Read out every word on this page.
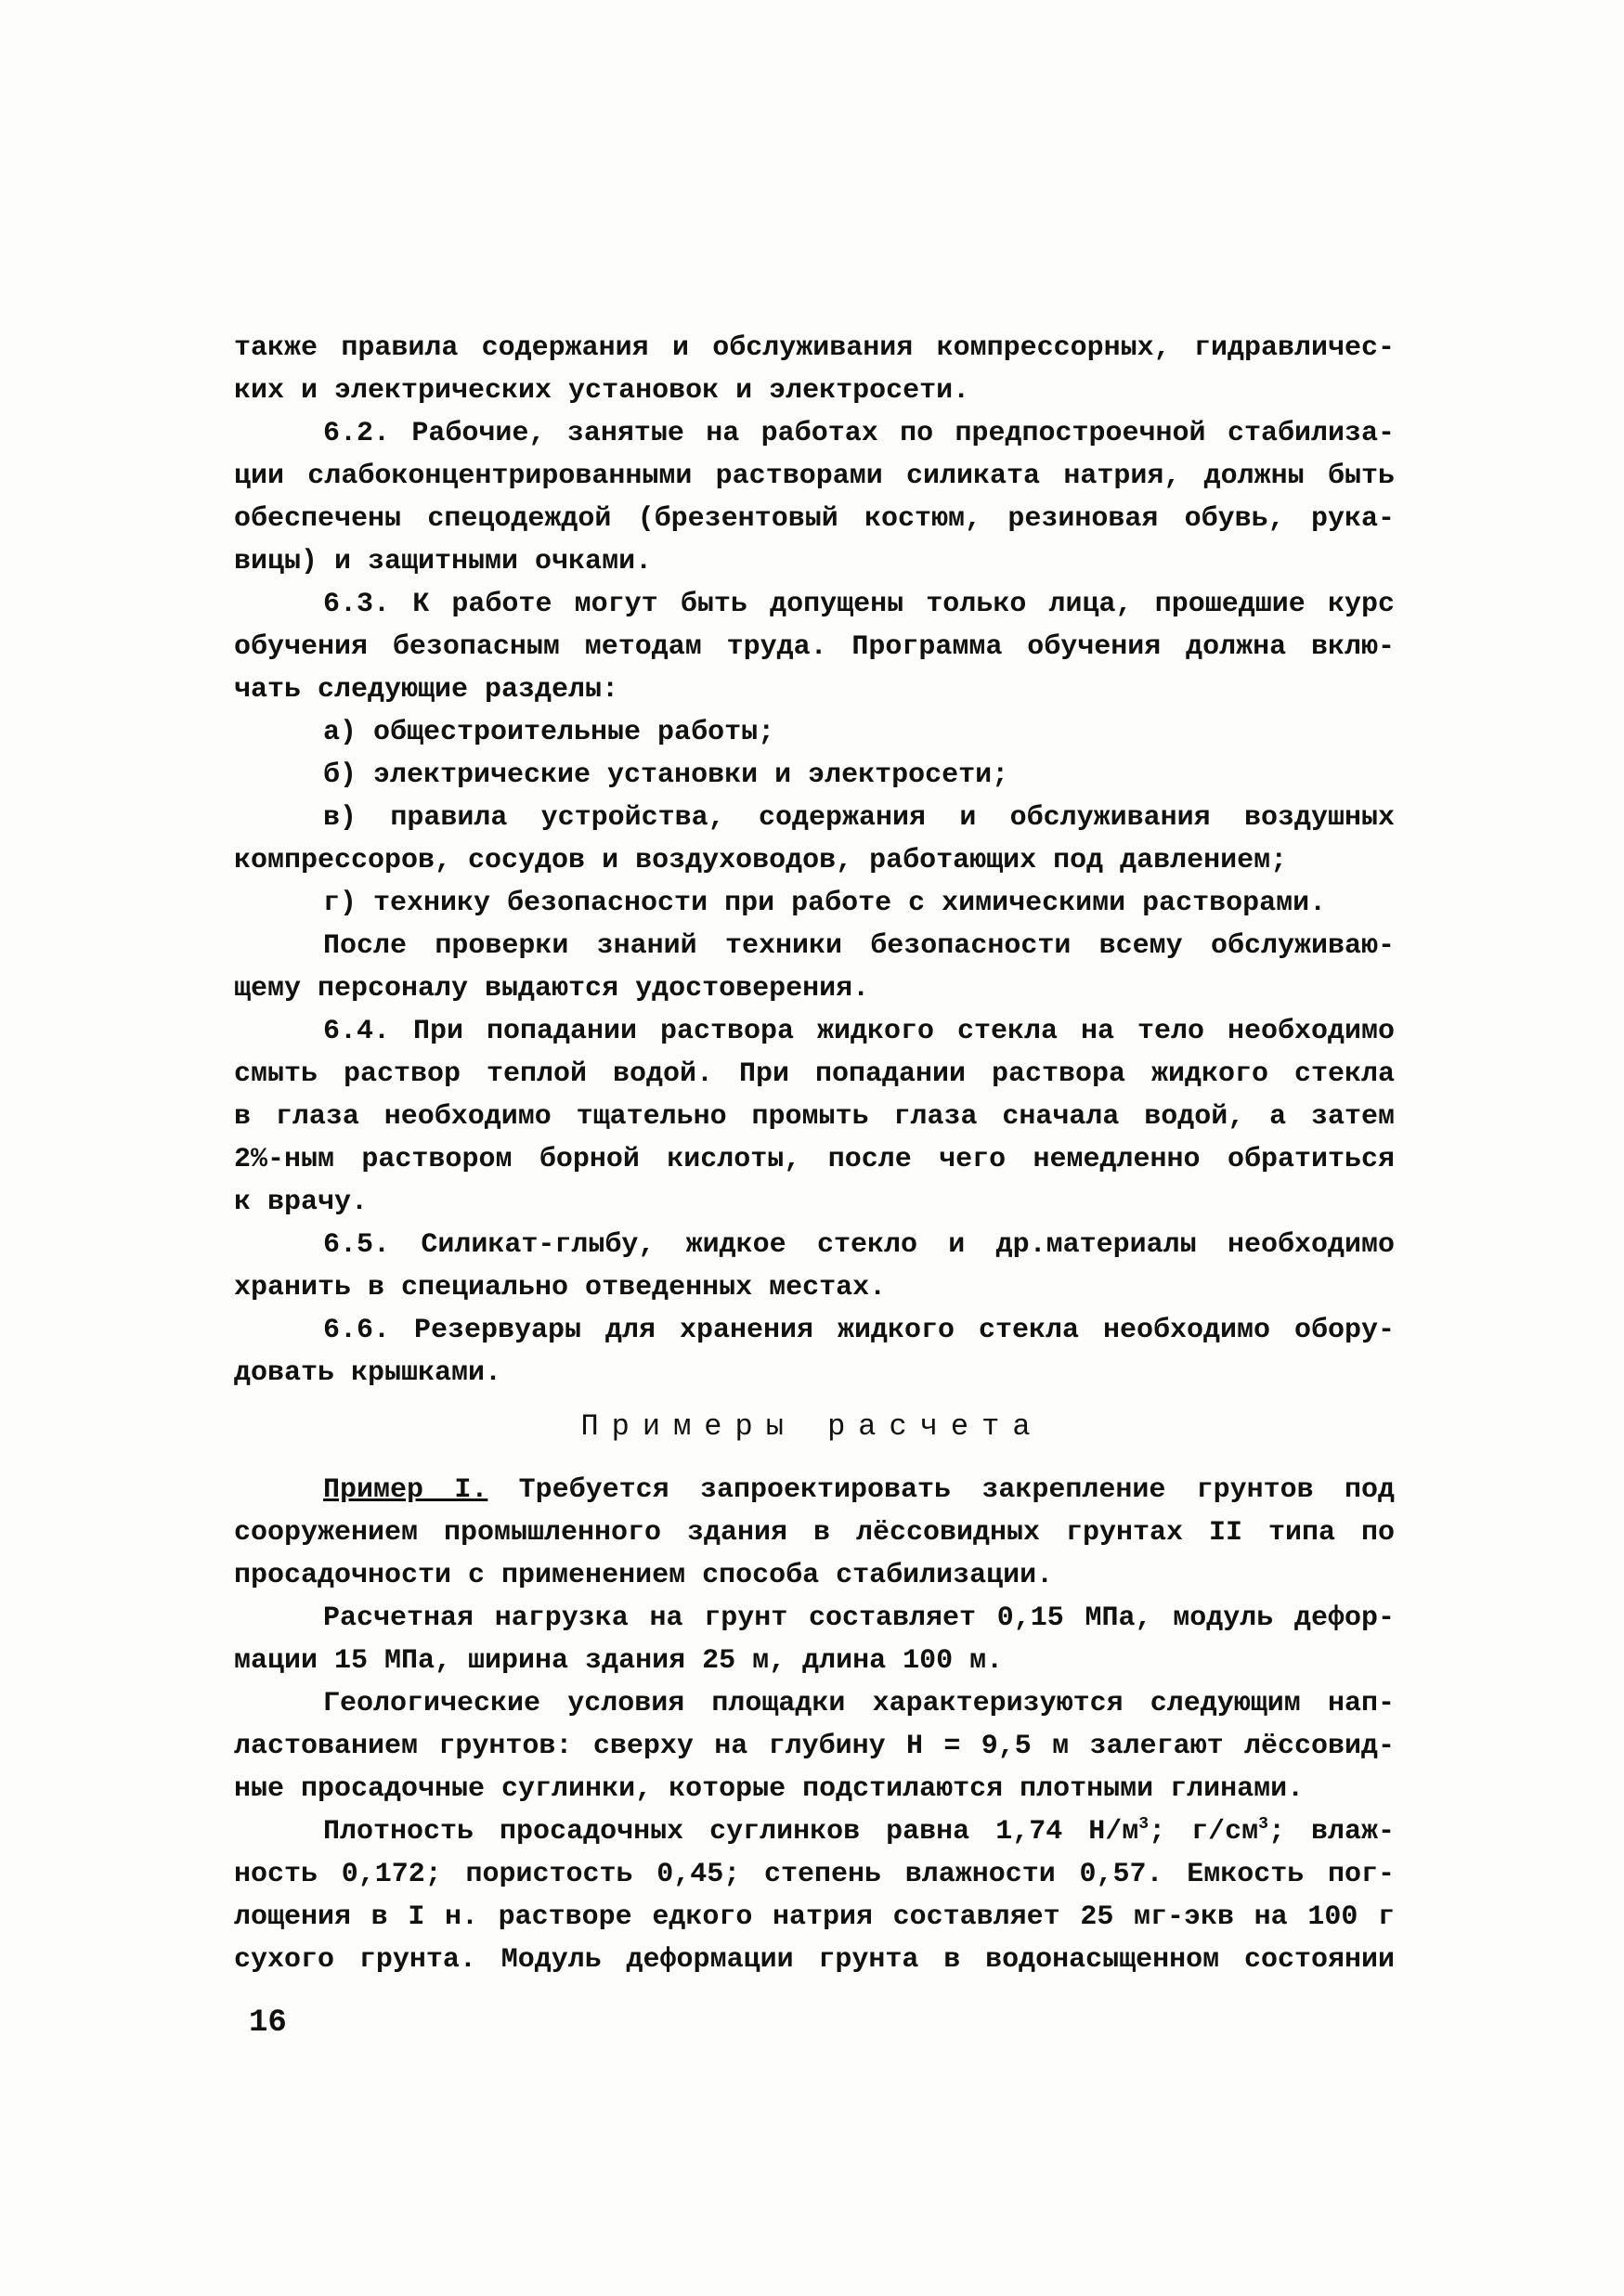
также правила содержания и обслуживания компрессорных, гидравличес-
ких и электрических установок и электросети.
6.2. Рабочие, занятые на работах по предпостроечной стабилиза-
ции слабоконцентрированными растворами силиката натрия, должны быть
обеспечены спецодеждой (брезентовый костюм, резиновая обувь, рука-
вицы) и защитными очками.
6.3. К работе могут быть допущены только лица, прошедшие курс
обучения безопасным методам труда. Программа обучения должна вклю-
чать следующие разделы:
а) общестроительные работы;
б) электрические установки и электросети;
в) правила устройства, содержания и обслуживания воздушных
компрессоров, сосудов и воздуховодов, работающих под давлением;
г) технику безопасности при работе с химическими растворами.
После проверки знаний техники безопасности всему обслуживаю-
щему персоналу выдаются удостоверения.
6.4. При попадании раствора жидкого стекла на тело необходимо
смыть раствор теплой водой. При попадании раствора жидкого стекла
в глаза необходимо тщательно промыть глаза сначала водой, а затем
2%-ным раствором борной кислоты, после чего немедленно обратиться
к врачу.
6.5. Силикат-глыбу, жидкое стекло и др.материалы необходимо
хранить в специально отведенных местах.
6.6. Резервуары для хранения жидкого стекла необходимо обору-
довать крышками.
Примеры расчета
Пример I. Требуется запроектировать закрепление грунтов под
сооружением промышленного здания в лёссовидных грунтах II типа по
просадочности с применением способа стабилизации.
Расчетная нагрузка на грунт составляет 0,15 МПа, модуль дефор-
мации 15 МПа, ширина здания 25 м, длина 100 м.
Геологические условия площадки характеризуются следующим нап-
ластованием грунтов: сверху на глубину H = 9,5 м залегают лёссовид-
ные просадочные суглинки, которые подстилаются плотными глинами.
Плотность просадочных суглинков равна 1,74 $Н/м^3$; $г/см^3$; влаж-
ность 0,172; пористость 0,45; степень влажности 0,57. Емкость пог-
лощения в I н. растворе едкого натрия составляет 25 мг-экв на 100 г
сухого грунта. Модуль деформации грунта в водонасыщенном состоянии
16
